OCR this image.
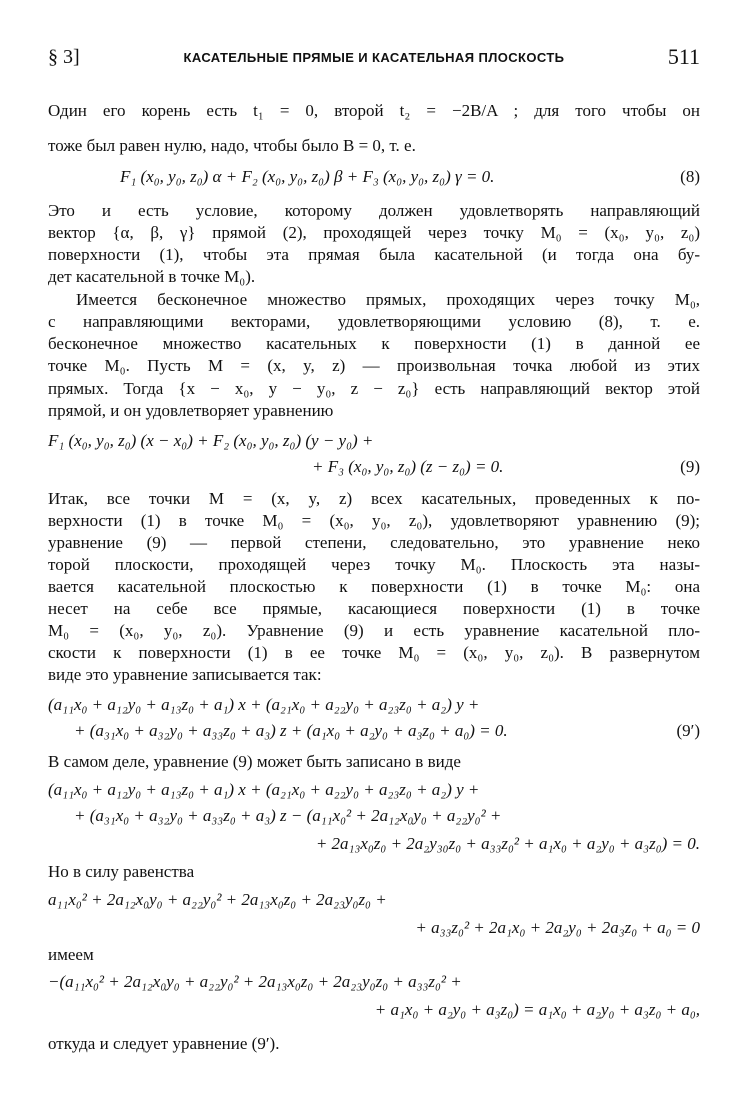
§ 3]	КАСАТЕЛЬНЫЕ ПРЯМЫЕ И КАСАТЕЛЬНАЯ ПЛОСКОСТЬ	511
Один его корень есть t₁ = 0, второй t₂ = −2B/A ; для того чтобы он
тоже был равен нулю, надо, чтобы было B = 0, т. е.
F₁ (x₀, y₀, z₀) α + F₂ (x₀, y₀, z₀) β + F₃ (x₀, y₀, z₀) γ = 0.	(8)
Это и есть условие, которому должен удовлетворять направляющий
вектор {α, β, γ} прямой (2), проходящей через точку M₀ = (x₀, y₀, z₀)
поверхности (1), чтобы эта прямая была касательной (и тогда она бу-
дет касательной в точке M₀).
Имеется бесконечное множество прямых, проходящих через точку M₀,
с направляющими векторами, удовлетворяющими условию (8), т. е.
бесконечное множество касательных к поверхности (1) в данной ее
точке M₀. Пусть M = (x, y, z) — произвольная точка любой из этих
прямых. Тогда {x − x₀, y − y₀, z − z₀} есть направляющий вектор этой
прямой, и он удовлетворяет уравнению
F₁ (x₀, y₀, z₀) (x − x₀) + F₂ (x₀, y₀, z₀) (y − y₀) +
+ F₃ (x₀, y₀, z₀) (z − z₀) = 0.	(9)
Итак, все точки M = (x, y, z) всех касательных, проведенных к по-
верхности (1) в точке M₀ = (x₀, y₀, z₀), удовлетворяют уравнению (9);
уравнение (9) — первой степени, следовательно, это уравнение неко
торой плоскости, проходящей через точку M₀. Плоскость эта назы-
вается касательной плоскостью к поверхности (1) в точке M₀: она
несет на себе все прямые, касающиеся поверхности (1) в точке
M₀ = (x₀, y₀, z₀). Уравнение (9) и есть уравнение касательной пло-
скости к поверхности (1) в ее точке M₀ = (x₀, y₀, z₀). В развернутом
виде это уравнение записывается так:
(a₁₁x₀ + a₁₂y₀ + a₁₃z₀ + a₁) x + (a₂₁x₀ + a₂₂y₀ + a₂₃z₀ + a₂) y +
+ (a₃₁x₀ + a₃₂y₀ + a₃₃z₀ + a₃) z + (a₁x₀ + a₂y₀ + a₃z₀ + a₀) = 0.	(9′)
В самом деле, уравнение (9) может быть записано в виде
(a₁₁x₀ + a₁₂y₀ + a₁₃z₀ + a₁) x + (a₂₁x₀ + a₂₂y₀ + a₂₃z₀ + a₂) y +
+ (a₃₁x₀ + a₃₂y₀ + a₃₃z₀ + a₃) z − (a₁₁x₀² + 2a₁₂x₀y₀ + a₂₂y₀² +
+ 2a₁₃x₀z₀ + 2a₂y₃₀z₀ + a₃₃z₀² + a₁x₀ + a₂y₀ + a₃z₀) = 0.
Но в силу равенства
a₁₁x₀² + 2a₁₂x₀y₀ + a₂₂y₀² + 2a₁₃x₀z₀ + 2a₂₃y₀z₀ +
+ a₃₃z₀² + 2a₁x₀ + 2a₂y₀ + 2a₃z₀ + a₀ = 0
имеем
−(a₁₁x₀² + 2a₁₂x₀y₀ + a₂₂y₀² + 2a₁₃x₀z₀ + 2a₂₃y₀z₀ + a₃₃z₀² +
+ a₁x₀ + a₂y₀ + a₃z₀) = a₁x₀ + a₂y₀ + a₃z₀ + a₀,
откуда и следует уравнение (9′).
